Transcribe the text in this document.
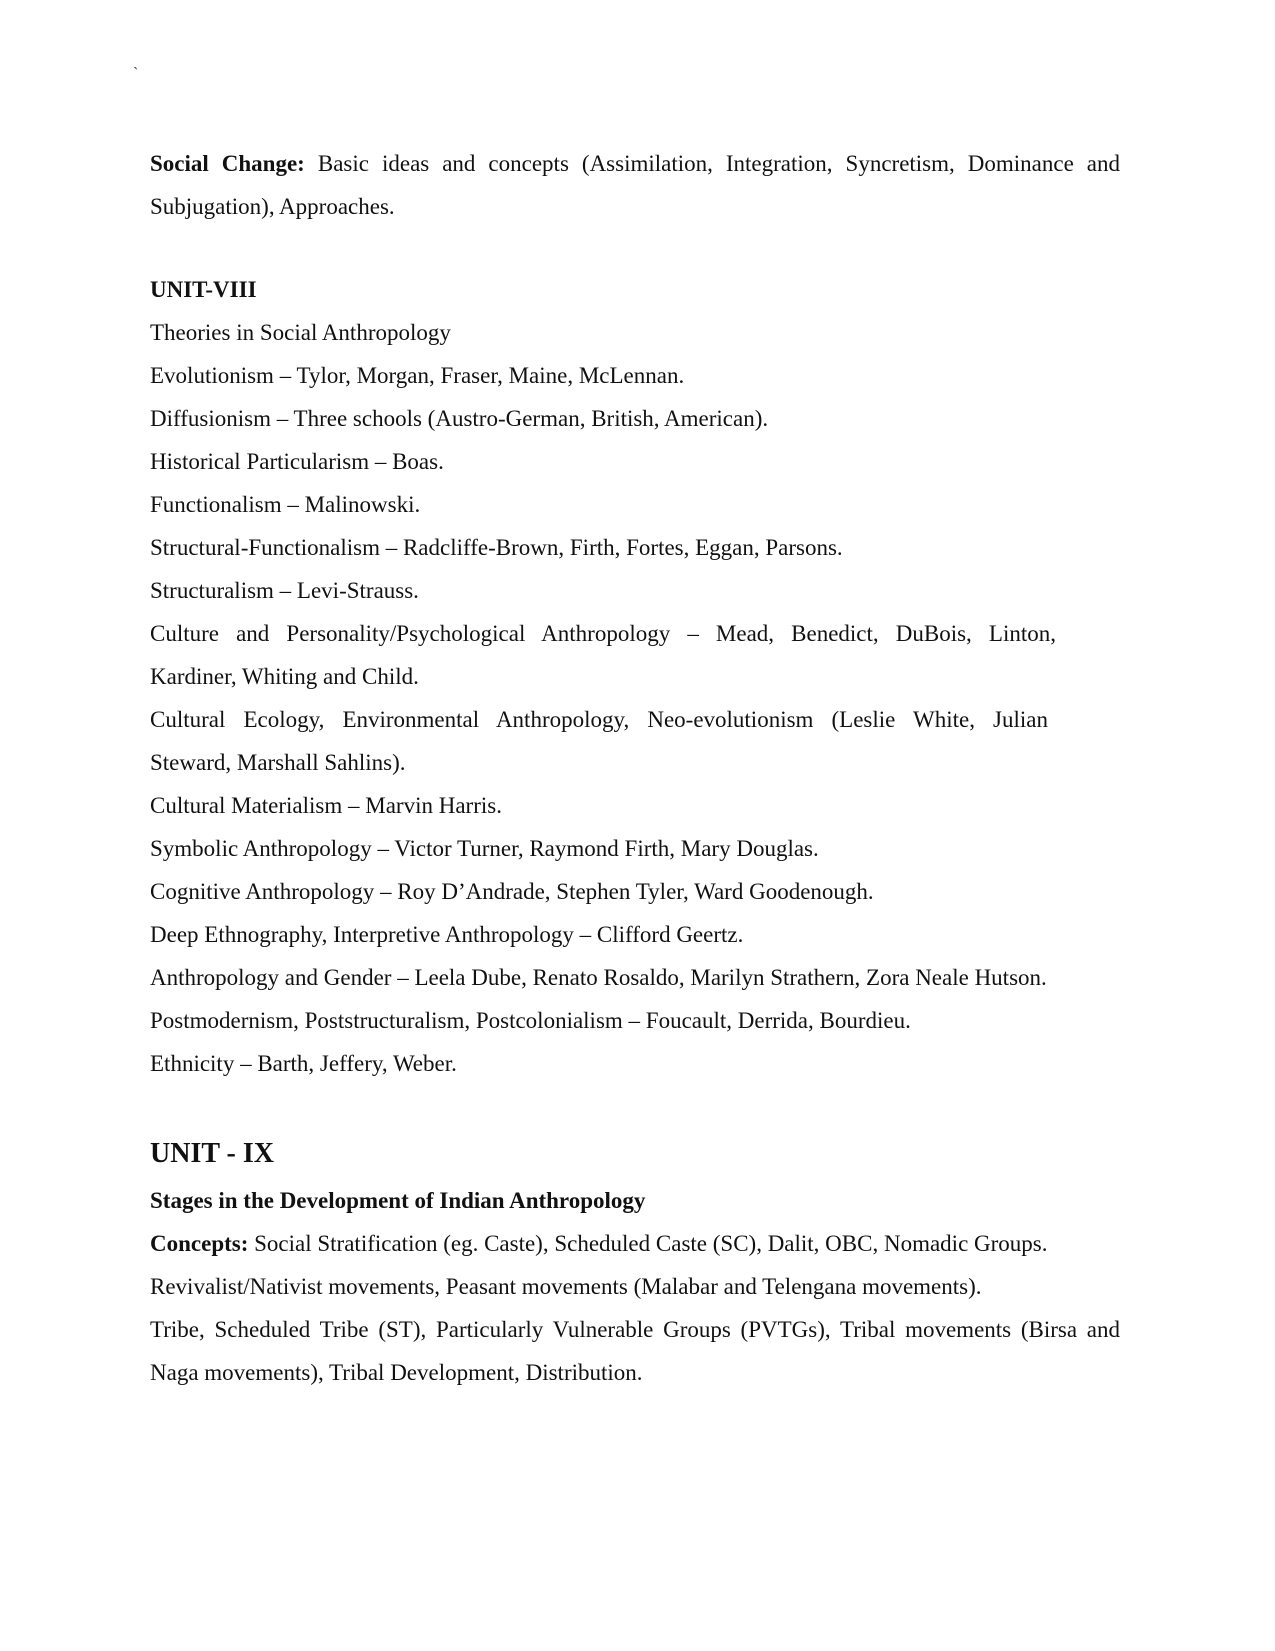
`

Social Change: Basic ideas and concepts (Assimilation, Integration, Syncretism, Dominance and Subjugation), Approaches.

UNIT-VIII
Theories in Social Anthropology
Evolutionism – Tylor, Morgan, Fraser, Maine, McLennan.
Diffusionism – Three schools (Austro-German, British, American).
Historical Particularism – Boas.
Functionalism – Malinowski.
Structural-Functionalism – Radcliffe-Brown, Firth, Fortes, Eggan, Parsons.
Structuralism – Levi-Strauss.
Culture and Personality/Psychological Anthropology – Mead, Benedict, DuBois, Linton, Kardiner, Whiting and Child.
Cultural Ecology, Environmental Anthropology, Neo-evolutionism (Leslie White, Julian Steward, Marshall Sahlins).
Cultural Materialism – Marvin Harris.
Symbolic Anthropology – Victor Turner, Raymond Firth, Mary Douglas.
Cognitive Anthropology – Roy D’Andrade, Stephen Tyler, Ward Goodenough.
Deep Ethnography, Interpretive Anthropology – Clifford Geertz.
Anthropology and Gender – Leela Dube, Renato Rosaldo, Marilyn Strathern, Zora Neale Hutson.
Postmodernism, Poststructuralism, Postcolonialism – Foucault, Derrida, Bourdieu.
Ethnicity – Barth, Jeffery, Weber.
UNIT - IX
Stages in the Development of Indian Anthropology

Concepts: Social Stratification (eg. Caste), Scheduled Caste (SC), Dalit, OBC, Nomadic Groups.

Revivalist/Nativist movements, Peasant movements (Malabar and Telengana movements).

Tribe, Scheduled Tribe (ST), Particularly Vulnerable Groups (PVTGs), Tribal movements (Birsa and Naga movements), Tribal Development, Distribution.
